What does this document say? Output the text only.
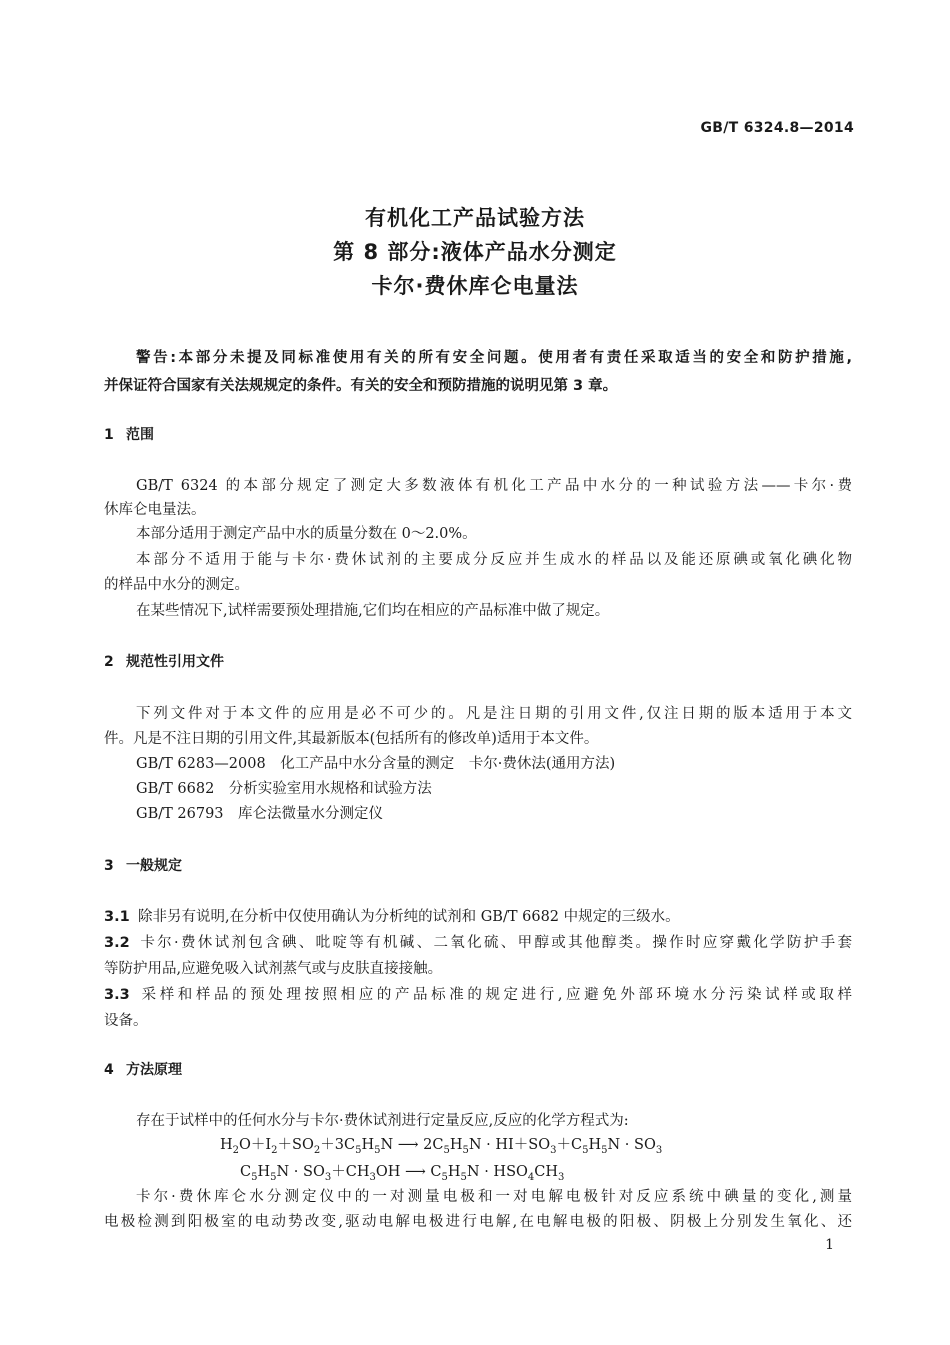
GB/T 6324.8—2014
有机化工产品试验方法
第 8 部分:液体产品水分测定
卡尔·费休库仑电量法
警告:本部分未提及同标准使用有关的所有安全问题。使用者有责任采取适当的安全和防护措施,
并保证符合国家有关法规规定的条件。有关的安全和预防措施的说明见第 3 章。
1 范围
GB/T 6324 的本部分规定了测定大多数液体有机化工产品中水分的一种试验方法——卡尔·费
休库仑电量法。
本部分适用于测定产品中水的质量分数在 0～2.0%。
本部分不适用于能与卡尔·费休试剂的主要成分反应并生成水的样品以及能还原碘或氧化碘化物
的样品中水分的测定。
在某些情况下,试样需要预处理措施,它们均在相应的产品标准中做了规定。
2 规范性引用文件
下列文件对于本文件的应用是必不可少的。凡是注日期的引用文件,仅注日期的版本适用于本文
件。凡是不注日期的引用文件,其最新版本(包括所有的修改单)适用于本文件。
GB/T 6283—2008　化工产品中水分含量的测定　卡尔·费休法(通用方法)
GB/T 6682　分析实验室用水规格和试验方法
GB/T 26793　库仑法微量水分测定仪
3 一般规定
3.1 除非另有说明,在分析中仅使用确认为分析纯的试剂和 GB/T 6682 中规定的三级水。
3.2 卡尔·费休试剂包含碘、吡啶等有机碱、二氧化硫、甲醇或其他醇类。操作时应穿戴化学防护手套
等防护用品,应避免吸入试剂蒸气或与皮肤直接接触。
3.3 采样和样品的预处理按照相应的产品标准的规定进行,应避免外部环境水分污染试样或取样
设备。
4 方法原理
存在于试样中的任何水分与卡尔·费休试剂进行定量反应,反应的化学方程式为:
$H_2O+I_2+SO_2+3C_5H_5N$ ⟶ $2C_5H_5N \cdot HI+SO_3+C_5H_5N \cdot SO_3$
$C_5H_5N \cdot SO_3+CH_3OH$ ⟶ $C_5H_5N \cdot HSO_4CH_3$
卡尔·费休库仑水分测定仪中的一对测量电极和一对电解电极针对反应系统中碘量的变化,测量
电极检测到阳极室的电动势改变,驱动电解电极进行电解,在电解电极的阳极、阴极上分别发生氧化、还
1
